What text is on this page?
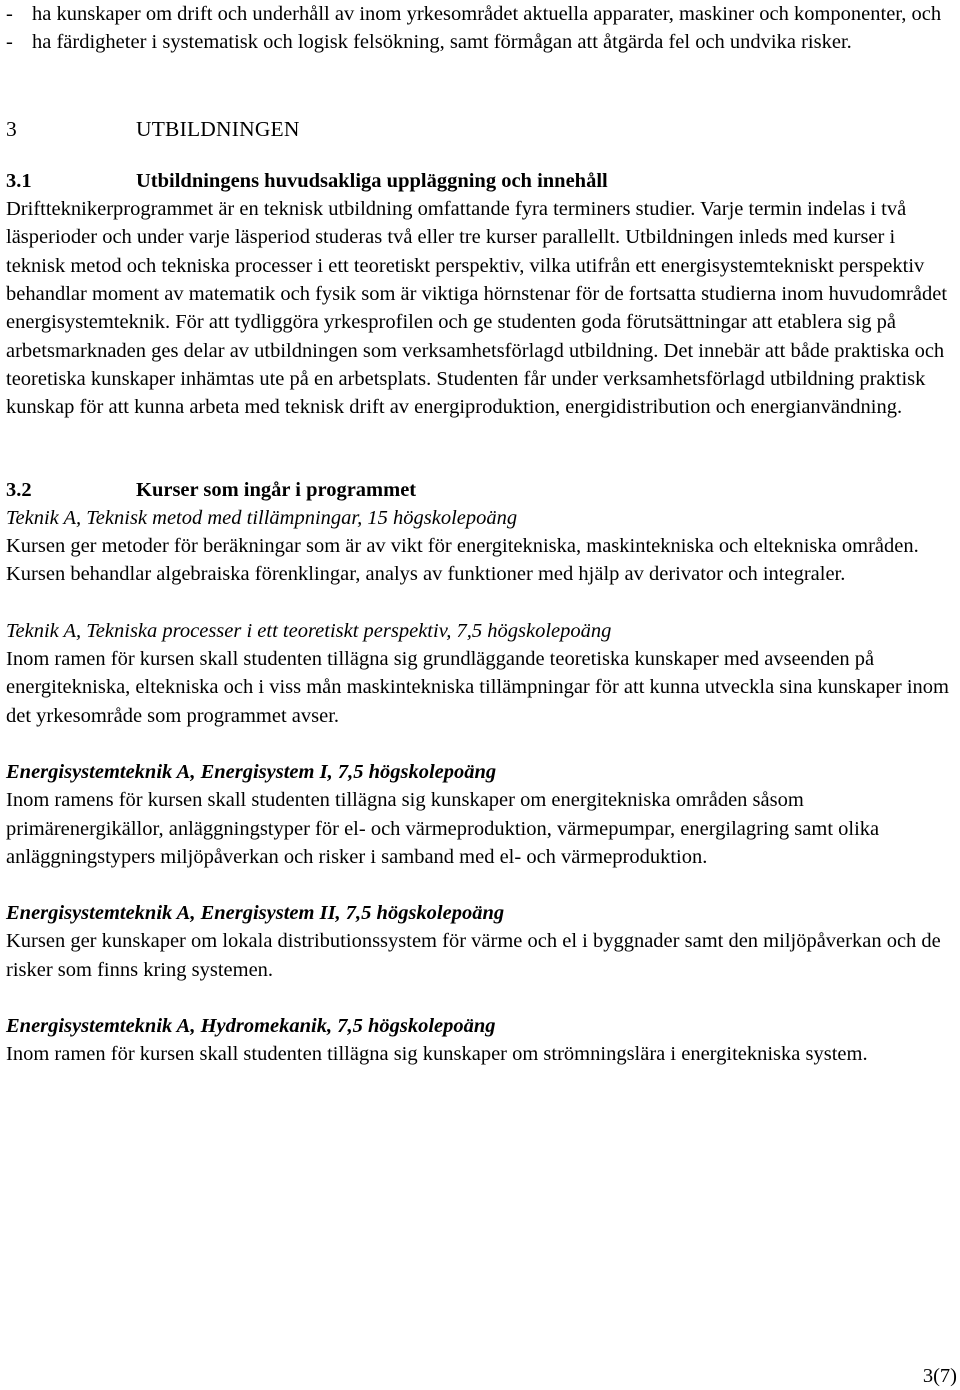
- ha kunskaper om drift och underhåll av inom yrkesområdet aktuella apparater, maskiner och komponenter, och
- ha färdigheter i systematisk och logisk felsökning, samt förmågan att åtgärda fel och undvika risker.
3	UTBILDNINGEN
3.1	Utbildningens huvudsakliga uppläggning och innehåll

Driftteknikerprogrammet är en teknisk utbildning omfattande fyra terminers studier. Varje termin indelas i två läsperioder och under varje läsperiod studeras två eller tre kurser parallellt. Utbildningen inleds med kurser i teknisk metod och tekniska processer i ett teoretiskt perspektiv, vilka utifrån ett energisystemtekniskt perspektiv behandlar moment av matematik och fysik som är viktiga hörnstenar för de fortsatta studierna inom huvudområdet energisystemteknik. För att tydliggöra yrkesprofilen och ge studenten goda förutsättningar att etablera sig på arbetsmarknaden ges delar av utbildningen som verksamhetsförlagd utbildning. Det innebär att både praktiska och teoretiska kunskaper inhämtas ute på en arbetsplats. Studenten får under verksamhetsförlagd utbildning praktisk kunskap för att kunna arbeta med teknisk drift av energiproduktion, energidistribution och energianvändning.

3.2	Kurser som ingår i programmet

Teknik A, Teknisk metod med tillämpningar, 15 högskolepoäng

Kursen ger metoder för beräkningar som är av vikt för energitekniska, maskintekniska och eltekniska områden. Kursen behandlar algebraiska förenklingar, analys av funktioner med hjälp av derivator och integraler.

Teknik A, Tekniska processer i ett teoretiskt perspektiv, 7,5 högskolepoäng

Inom ramen för kursen skall studenten tillägna sig grundläggande teoretiska kunskaper med avseenden på energitekniska, eltekniska och i viss mån maskintekniska tillämpningar för att kunna utveckla sina kunskaper inom det yrkesområde som programmet avser.

Energisystemteknik A, Energisystem I, 7,5 högskolepoäng

Inom ramens för kursen skall studenten tillägna sig kunskaper om energitekniska områden såsom primärenergikällor, anläggningstyper för el- och värmeproduktion, värmepumpar, energilagring samt olika anläggningstypers miljöpåverkan och risker i samband med el- och värmeproduktion.

Energisystemteknik A, Energisystem II, 7,5 högskolepoäng

Kursen ger kunskaper om lokala distributionssystem för värme och el i byggnader samt den miljöpåverkan och de risker som finns kring systemen.

Energisystemteknik A, Hydromekanik, 7,5 högskolepoäng

Inom ramen för kursen skall studenten tillägna sig kunskaper om strömningslära i energitekniska system.

3(7)
